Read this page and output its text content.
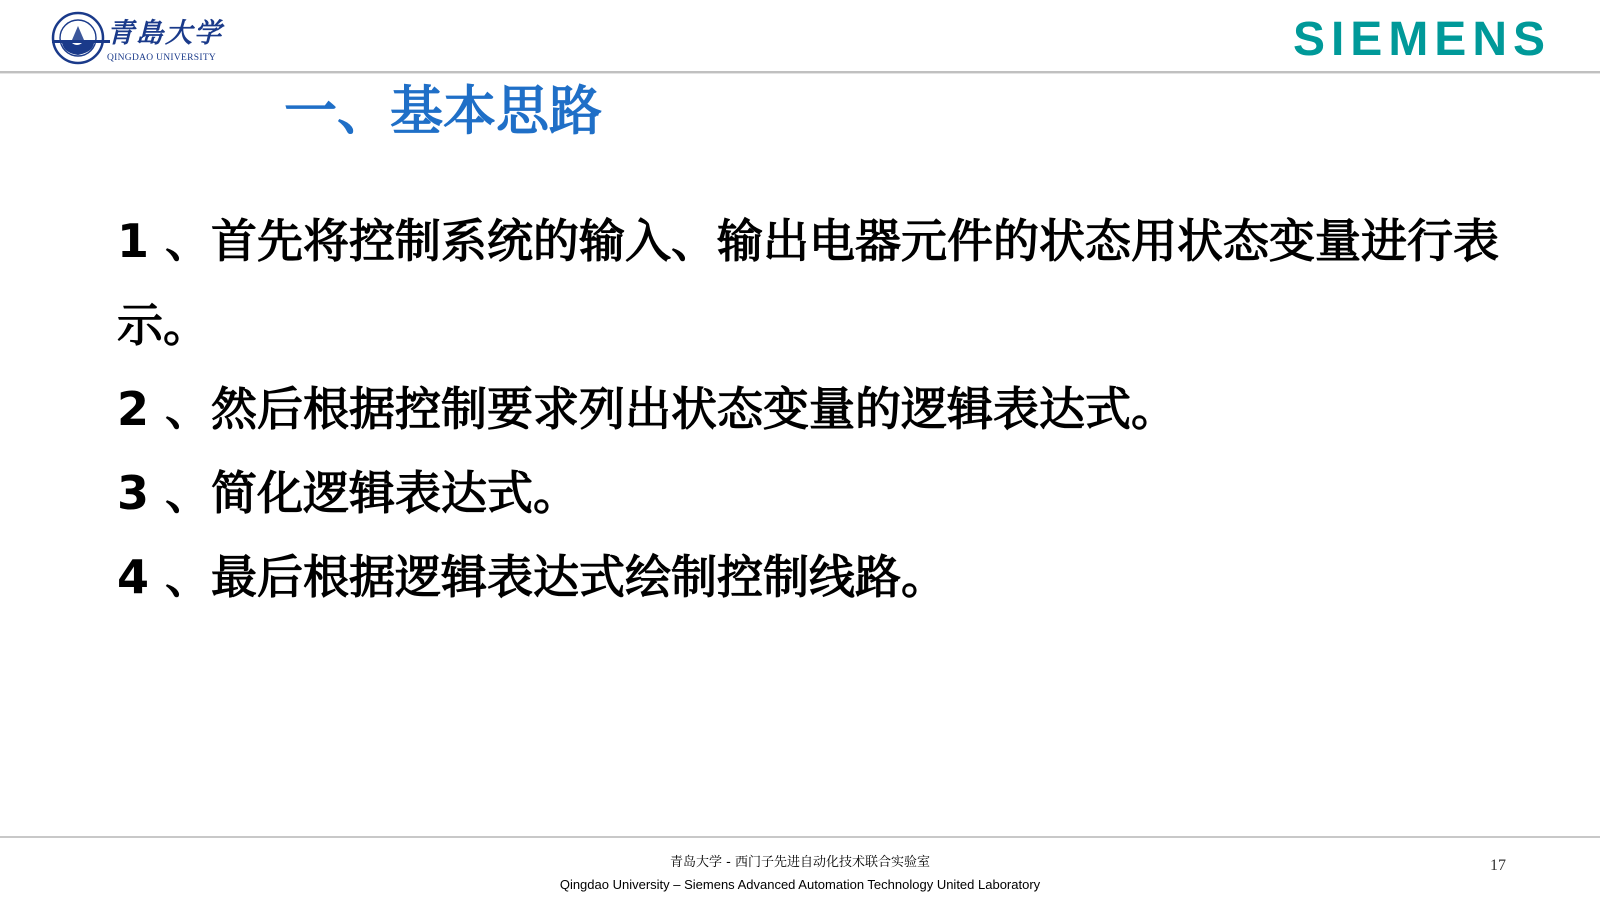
青島大学
QINGDAO UNIVERSITY	SIEMENS
一、基本思路

1 、首先将控制系统的输入、输出电器元件的状态用状态变量进行表示。

2 、然后根据控制要求列出状态变量的逻辑表达式。

3 、简化逻辑表达式。

4 、最后根据逻辑表达式绘制控制线路。

青岛大学 - 西门子先进自动化技术联合实验室
Qingdao University – Siemens Advanced Automation Technology United Laboratory
17
